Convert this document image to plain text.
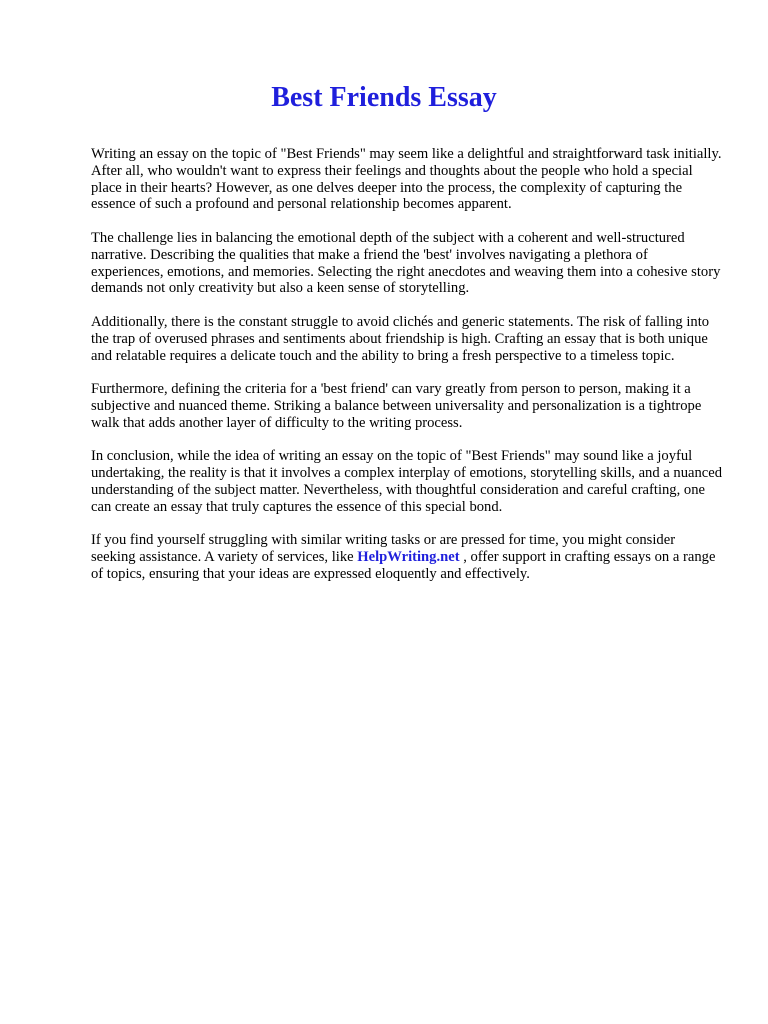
Best Friends Essay

Writing an essay on the topic of "Best Friends" may seem like a delightful and straightforward task initially. After all, who wouldn't want to express their feelings and thoughts about the people who hold a special place in their hearts? However, as one delves deeper into the process, the complexity of capturing the essence of such a profound and personal relationship becomes apparent.

The challenge lies in balancing the emotional depth of the subject with a coherent and well-structured narrative. Describing the qualities that make a friend the 'best' involves navigating a plethora of experiences, emotions, and memories. Selecting the right anecdotes and weaving them into a cohesive story demands not only creativity but also a keen sense of storytelling.

Additionally, there is the constant struggle to avoid clichés and generic statements. The risk of falling into the trap of overused phrases and sentiments about friendship is high. Crafting an essay that is both unique and relatable requires a delicate touch and the ability to bring a fresh perspective to a timeless topic.

Furthermore, defining the criteria for a 'best friend' can vary greatly from person to person, making it a subjective and nuanced theme. Striking a balance between universality and personalization is a tightrope walk that adds another layer of difficulty to the writing process.

In conclusion, while the idea of writing an essay on the topic of "Best Friends" may sound like a joyful undertaking, the reality is that it involves a complex interplay of emotions, storytelling skills, and a nuanced understanding of the subject matter. Nevertheless, with thoughtful consideration and careful crafting, one can create an essay that truly captures the essence of this special bond.

If you find yourself struggling with similar writing tasks or are pressed for time, you might consider seeking assistance. A variety of services, like HelpWriting.net , offer support in crafting essays on a range of topics, ensuring that your ideas are expressed eloquently and effectively.
